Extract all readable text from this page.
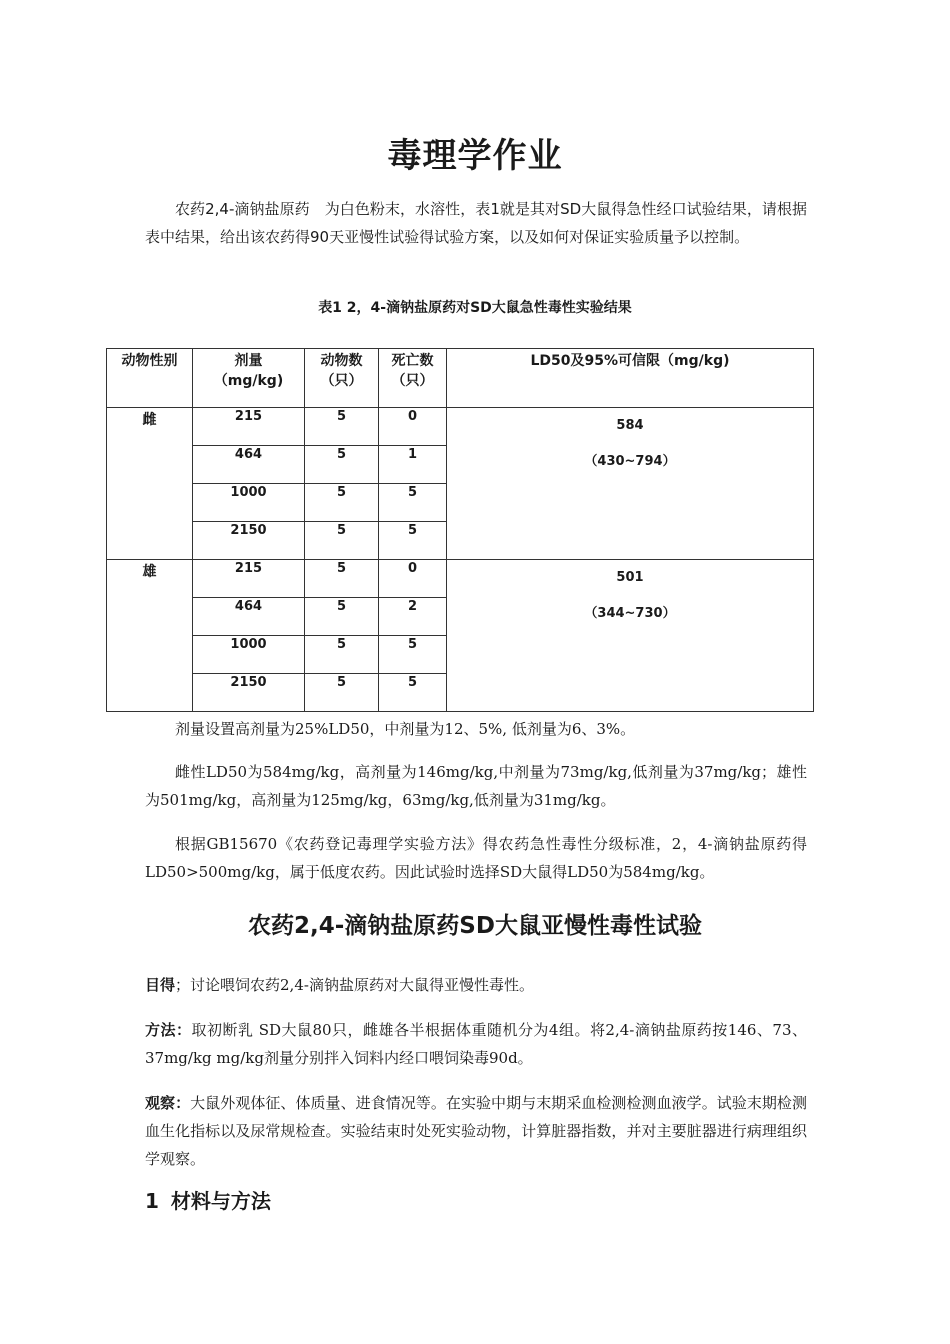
毒理学作业
农药2,4-滴钠盐原药　为白色粉末，水溶性，表1就是其对SD大鼠得急性经口试验结果，请根据表中结果，给出该农药得90天亚慢性试验得试验方案，以及如何对保证实验质量予以控制。
表1 2，4-滴钠盐原药对SD大鼠急性毒性实验结果
动物性别	剂量（mg/kg)	动物数（只）	死亡数（只）	LD50及95%可信限（mg/kg)
雌	215	5	0	584
（430~794）

	464	5	1	
	1000	5	5	
	2150	5	5	
雄	215	5	0	501
（344~730）

	464	5	2	
	1000	5	5	
	2150	5	5	
剂量设置高剂量为25%LD50，中剂量为12、5%, 低剂量为6、3%。
雌性LD50为584mg/kg，高剂量为146mg/kg,中剂量为73mg/kg,低剂量为37mg/kg；雄性为501mg/kg，高剂量为125mg/kg，63mg/kg,低剂量为31mg/kg。
根据GB15670《农药登记毒理学实验方法》得农药急性毒性分级标准，2，4-滴钠盐原药得LD50>500mg/kg，属于低度农药。因此试验时选择SD大鼠得LD50为584mg/kg。
农药2,4-滴钠盐原药SD大鼠亚慢性毒性试验
目得；讨论喂饲农药2,4-滴钠盐原药对大鼠得亚慢性毒性。
方法：取初断乳 SD大鼠80只，雌雄各半根据体重随机分为4组。将2,4-滴钠盐原药按146、73、37mg/kg mg/kg剂量分别拌入饲料内经口喂饲染毒90d。
观察：大鼠外观体征、体质量、进食情况等。在实验中期与末期采血检测检测血液学。试验末期检测血生化指标以及尿常规检查。实验结束时处死实验动物，计算脏器指数，并对主要脏器进行病理组织学观察。
1 材料与方法
